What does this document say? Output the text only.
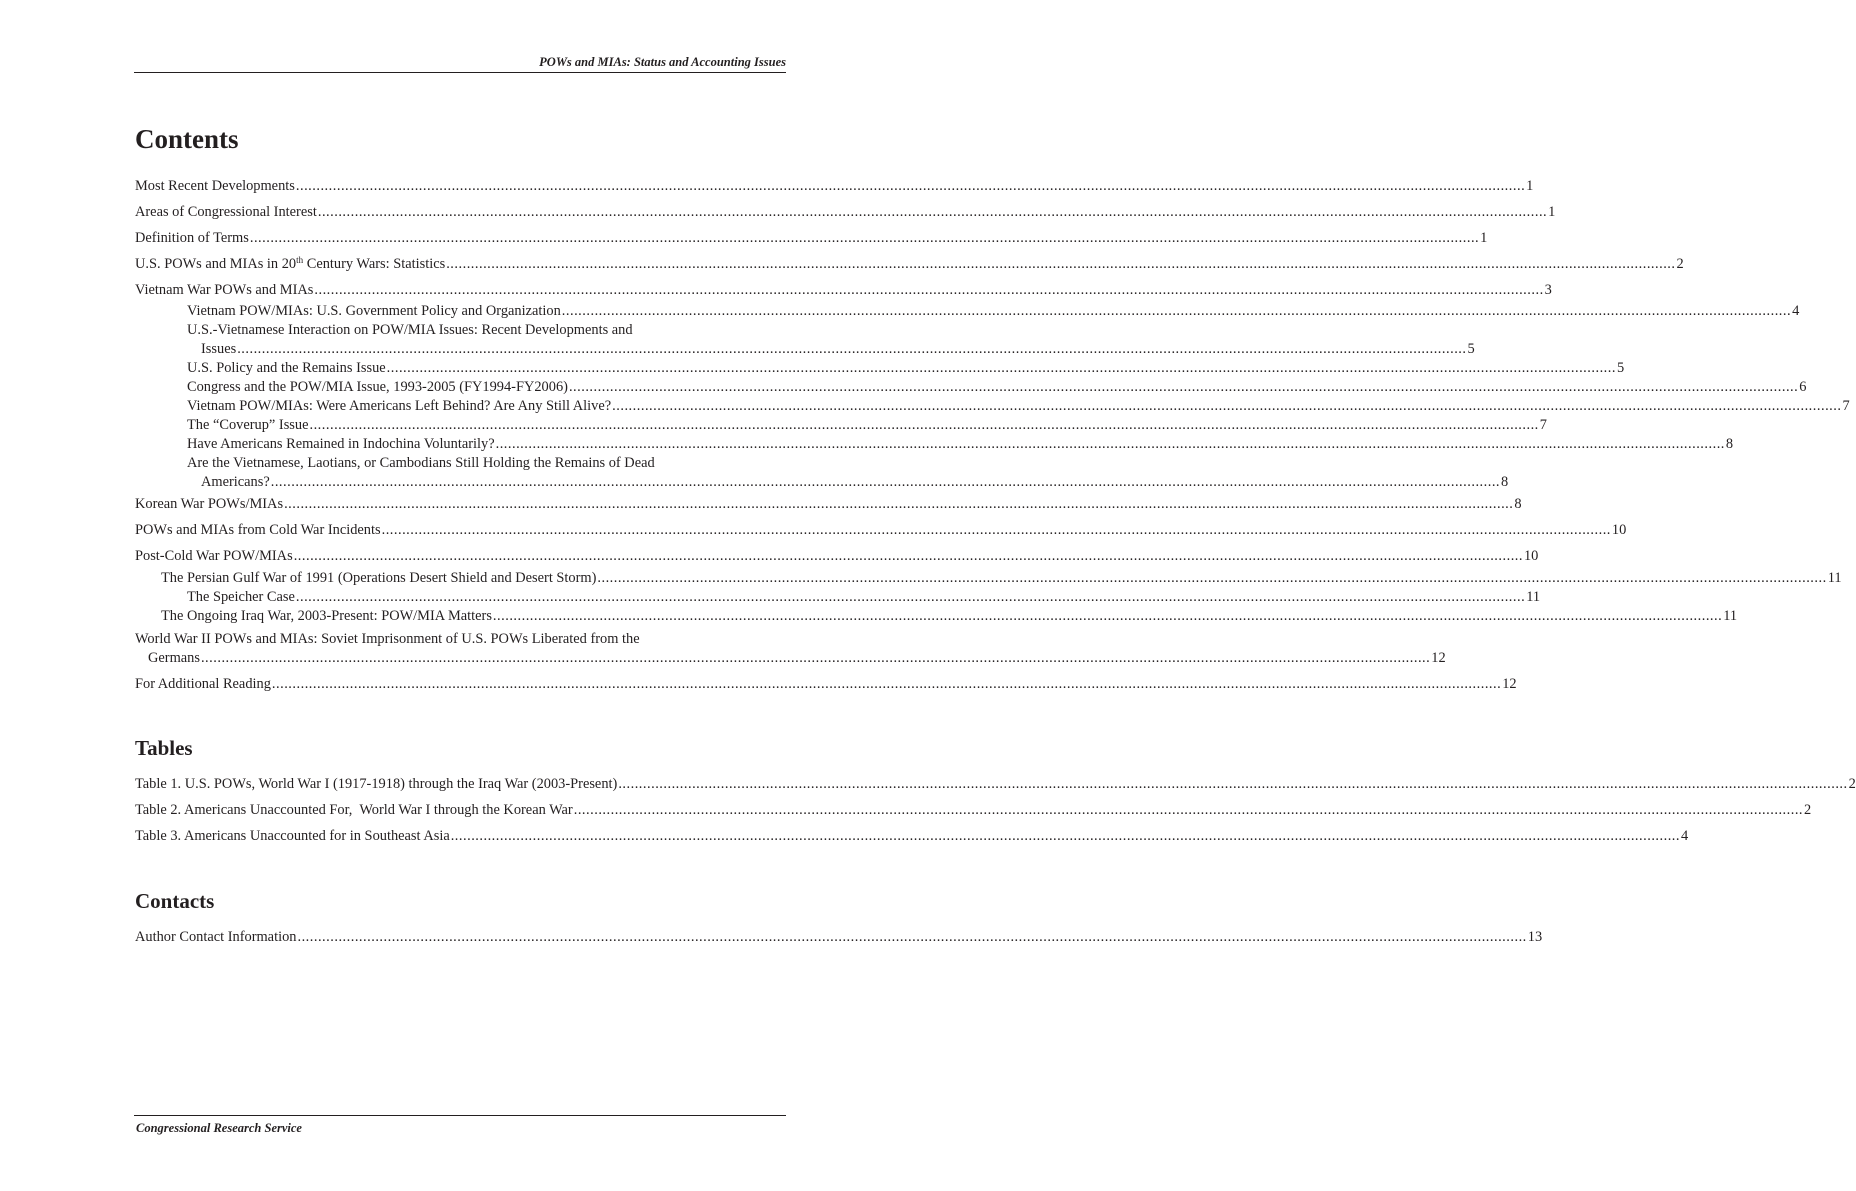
POWs and MIAs: Status and Accounting Issues
Contents
Most Recent Developments ............................................................................................................................................................................................................................................................................................................ 1
Areas of Congressional Interest ............................................................................................................................................................................................................................................................................................................ 1
Definition of Terms ............................................................................................................................................................................................................................................................................................................ 1
U.S. POWs and MIAs in 20th Century Wars: Statistics ............................................................................................................................................................................................................................................................................................................ 2
Vietnam War POWs and MIAs ............................................................................................................................................................................................................................................................................................................ 3
Vietnam POW/MIAs: U.S. Government Policy and Organization ............................................................................................................................................................................................................................................................................................................ 4
U.S.-Vietnamese Interaction on POW/MIA Issues: Recent Developments and
Issues ............................................................................................................................................................................................................................................................................................................ 5
U.S. Policy and the Remains Issue ............................................................................................................................................................................................................................................................................................................ 5
Congress and the POW/MIA Issue, 1993-2005 (FY1994-FY2006) ............................................................................................................................................................................................................................................................................................................ 6
Vietnam POW/MIAs: Were Americans Left Behind? Are Any Still Alive? ............................................................................................................................................................................................................................................................................................................ 7
The “Coverup” Issue ............................................................................................................................................................................................................................................................................................................ 7
Have Americans Remained in Indochina Voluntarily? ............................................................................................................................................................................................................................................................................................................ 8
Are the Vietnamese, Laotians, or Cambodians Still Holding the Remains of Dead
Americans? ............................................................................................................................................................................................................................................................................................................ 8
Korean War POWs/MIAs ............................................................................................................................................................................................................................................................................................................ 8
POWs and MIAs from Cold War Incidents ............................................................................................................................................................................................................................................................................................................ 10
Post-Cold War POW/MIAs ............................................................................................................................................................................................................................................................................................................ 10
The Persian Gulf War of 1991 (Operations Desert Shield and Desert Storm) ............................................................................................................................................................................................................................................................................................................ 11
The Speicher Case ............................................................................................................................................................................................................................................................................................................ 11
The Ongoing Iraq War, 2003-Present: POW/MIA Matters ............................................................................................................................................................................................................................................................................................................ 11
World War II POWs and MIAs: Soviet Imprisonment of U.S. POWs Liberated from the
Germans ............................................................................................................................................................................................................................................................................................................ 12
For Additional Reading ............................................................................................................................................................................................................................................................................................................ 12
Tables
Table 1. U.S. POWs, World War I (1917-1918) through the Iraq War (2003-Present) ............................................................................................................................................................................................................................................................................................................ 2
Table 2. Americans Unaccounted For,  World War I through the Korean War ............................................................................................................................................................................................................................................................................................................ 2
Table 3. Americans Unaccounted for in Southeast Asia ............................................................................................................................................................................................................................................................................................................ 4
Contacts
Author Contact Information ............................................................................................................................................................................................................................................................................................................ 13
Congressional Research Service
